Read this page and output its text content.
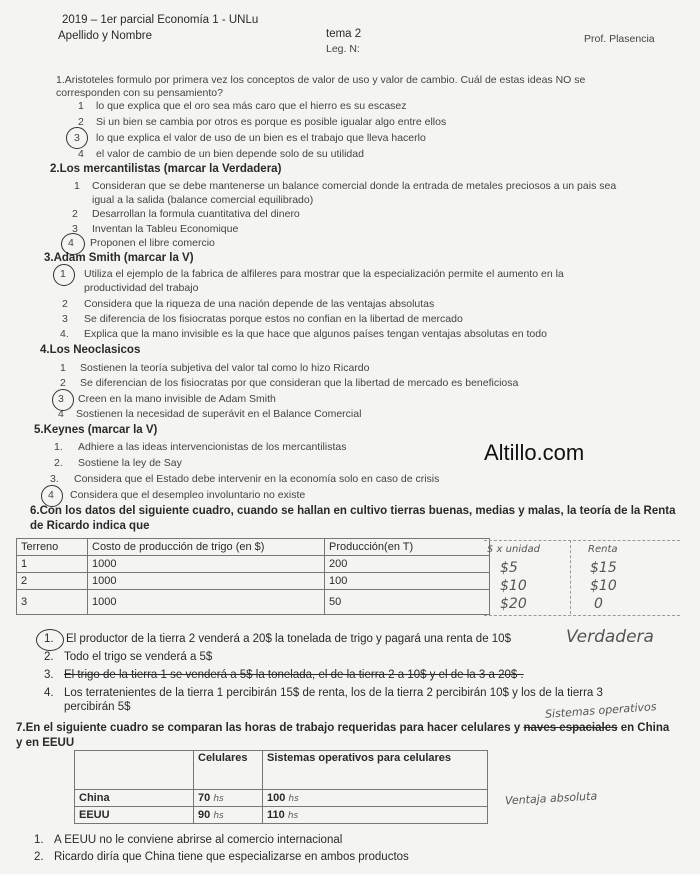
2019 – 1er parcial Economía 1 - UNLu
Apellido y Nombre	tema 2
Leg. N:
Prof. Plasencia
Altillo.com
1.Aristoteles formulo por primera vez los conceptos de valor de uso y valor de cambio. Cuál de estas ideas NO se
corresponden con su pensamiento?
1 lo que explica que el oro sea más caro que el hierro es su escasez
2 Si un bien se cambia por otros es porque es posible igualar algo entre ellos
3 lo que explica el valor de uso de un bien es el trabajo que lleva hacerlo
4 el valor de cambio de un bien depende solo de su utilidad
2.Los mercantilistas (marcar la Verdadera)
1 Consideran que se debe mantenerse un balance comercial donde la entrada de metales preciosos a un pais sea
igual a la salida (balance comercial equilibrado)
2 Desarrollan la formula cuantitativa del dinero
3 Inventan la Tableu Economique
4 Proponen el libre comercio
3.Adam Smith (marcar la V)
1 Utiliza el ejemplo de la fabrica de alfileres para mostrar que la especialización permite el aumento en la
productividad del trabajo
2 Considera que la riqueza de una nación depende de las ventajas absolutas
3 Se diferencia de los fisiocratas porque estos no confian en la libertad de mercado
4. Explica que la mano invisible es la que hace que algunos países tengan ventajas absolutas en todo
4.Los Neoclasicos
1 Sostienen la teoría subjetiva del valor tal como lo hizo Ricardo
2 Se diferencian de los fisiocratas por que consideran que la libertad de mercado es beneficiosa
3 Creen en la mano invisible de Adam Smith
4 Sostienen la necesidad de superávit en el Balance Comercial
5.Keynes (marcar la V)
1. Adhiere a las ideas intervencionistas de los mercantilistas
2. Sostiene la ley de Say
3. Considera que el Estado debe intervenir en la economía solo en caso de crisis
4 Considera que el desempleo involuntario no existe
6.Con los datos del siguiente cuadro, cuando se hallan en cultivo tierras buenas, medias y malas, la teoría de la Renta
de Ricardo indica que
Terreno	Costo de producción de trigo (en $)	Producción(en T)
1	1000	200
2	1000	100
3	1000	50
$ x unidad	Renta
$5	$15
$10	$10
$20	0
1. El productor de la tierra 2 venderá a 20$ la tonelada de trigo y pagará una renta de 10$	Verdadera
2. Todo el trigo se venderá a 5$
3. El trigo de la tierra 1 se venderá a 5$ la tonelada, el de la tierra 2 a 10$ y el de la 3 a 20$ .
4. Los terratenientes de la tierra 1 percibirán 15$ de renta, los de la tierra 2 percibirán 10$ y los de la tierra 3
percibirán 5$	Sistemas operativos
7.En el siguiente cuadro se comparan las horas de trabajo requeridas para hacer celulares y naves espaciales en China
y en EEUU
	Celulares	Sistemas operativos para celulares
China	70 hs	100 hs
EEUU	90 hs	110 hs
Ventaja absoluta
1. A EEUU no le conviene abrirse al comercio internacional
2. Ricardo diría que China tiene que especializarse en ambos productos
